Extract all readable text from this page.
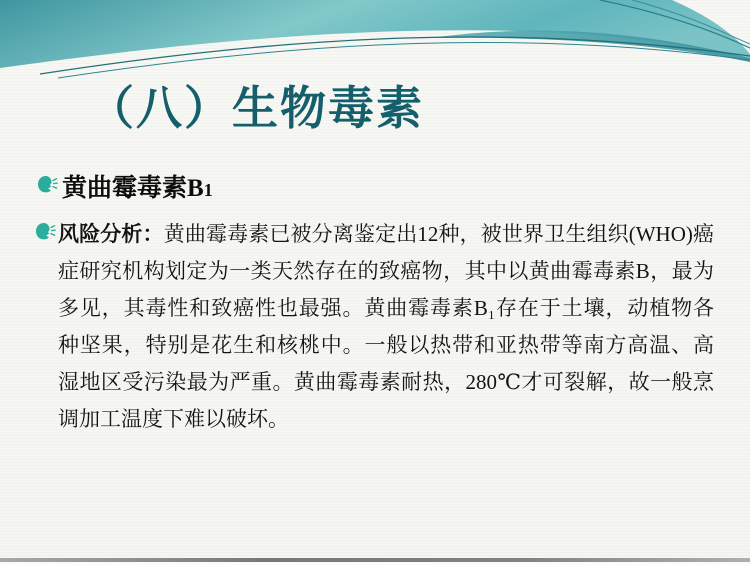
（八）生物毒素
黄曲霉毒素B1
风险分析：黄曲霉毒素已被分离鉴定出12种，被世界卫生组织(WHO)癌
症研究机构划定为一类天然存在的致癌物，其中以黄曲霉毒素B，最为
多见，其毒性和致癌性也最强。黄曲霉毒素B₁存在于土壤，动植物各
种坚果，特别是花生和核桃中。一般以热带和亚热带等南方高温、高
湿地区受污染最为严重。黄曲霉毒素耐热，280℃才可裂解，故一般烹
调加工温度下难以破坏。
